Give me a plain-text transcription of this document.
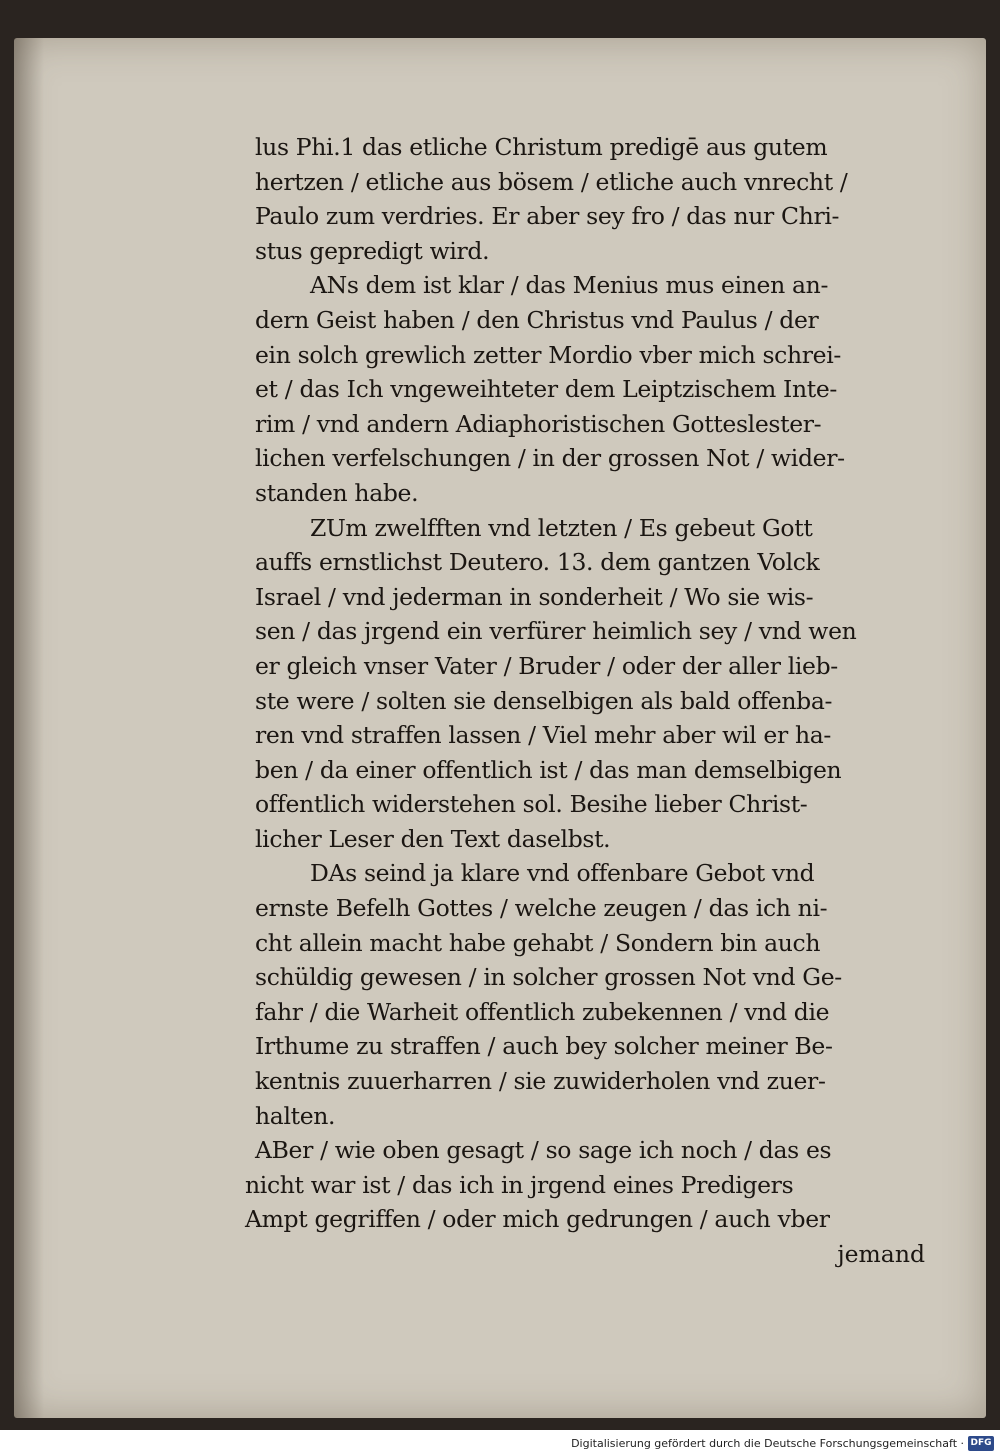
lus Phi.1 das etliche Christum predigē aus gutem
hertzen / etliche aus bösem / etliche auch vnrecht /
Paulo zum verdries. Er aber sey fro / das nur Chri-
stus gepredigt wird.
ANs dem ist klar / das Menius mus einen an-
dern Geist haben / den Christus vnd Paulus / der
ein solch grewlich zetter Mordio vber mich schrei-
et / das Ich vngeweihteter dem Leiptzischem Inte-
rim / vnd andern Adiaphoristischen Gotteslester-
lichen verfelschungen / in der grossen Not / wider-
standen habe.
ZUm zwelfften vnd letzten / Es gebeut Gott
auffs ernstlichst Deutero. 13. dem gantzen Volck
Israel / vnd jederman in sonderheit / Wo sie wis-
sen / das jrgend ein verfürer heimlich sey / vnd wen
er gleich vnser Vater / Bruder / oder der aller lieb-
ste were / solten sie denselbigen als bald offenba-
ren vnd straffen lassen / Viel mehr aber wil er ha-
ben / da einer offentlich ist / das man demselbigen
offentlich widerstehen sol. Besihe lieber Christ-
licher Leser den Text daselbst.
DAs seind ja klare vnd offenbare Gebot vnd
ernste Befelh Gottes / welche zeugen / das ich ni-
cht allein macht habe gehabt / Sondern bin auch
schüldig gewesen / in solcher grossen Not vnd Ge-
fahr / die Warheit offentlich zubekennen / vnd die
Irthume zu straffen / auch bey solcher meiner Be-
kentnis zuuerharren / sie zuwiderholen vnd zuer-
halten.
ABer / wie oben gesagt / so sage ich noch / das es
nicht war ist / das ich in jrgend eines Predigers
Ampt gegriffen / oder mich gedrungen / auch vber
jemand
Digitalisierung gefördert durch die Deutsche Forschungsgemeinschaft · DFG
